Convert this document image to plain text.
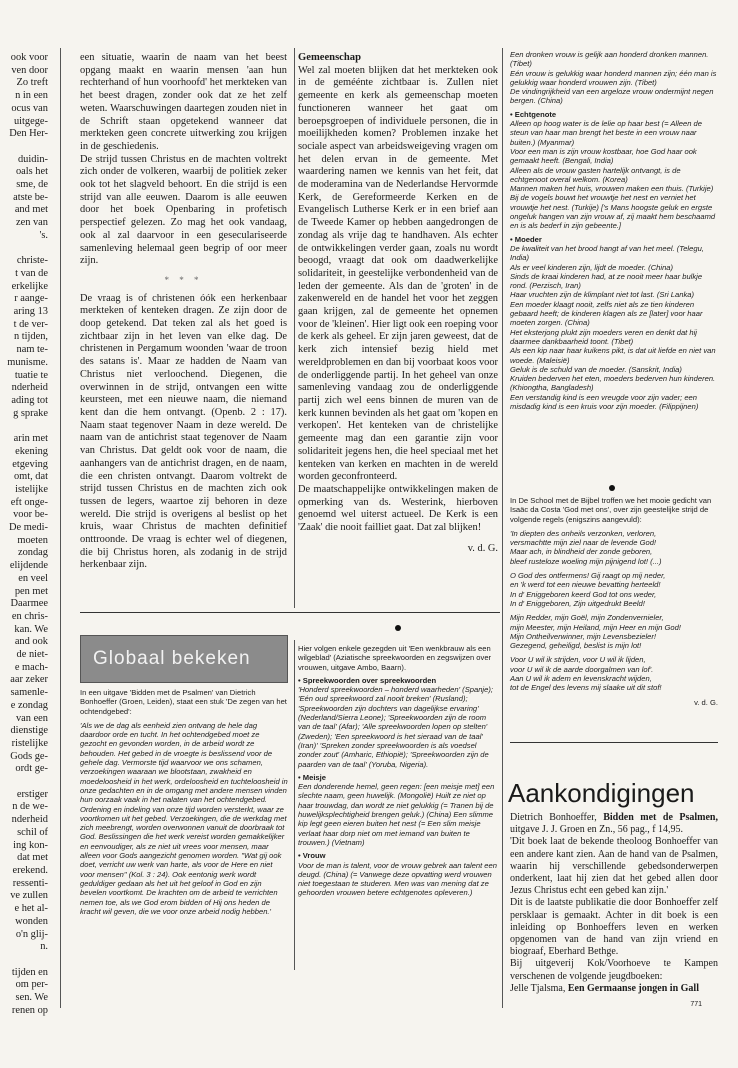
ook voor
ven door
Zo treft
n in een
ocus van
uitgege-
Den Her-

duidin-
oals het
sme, de
atste be-
and met
zen van
's.

christe-
t van de
erkelijke
r aange-
aring 13
t de ver-
n tijden,
nam te-
munisme.
tuatie te
nderheid
ading tot
g sprake

arin met
ekening
etgeving
omt, dat
istelijke
eft onge-
voor be-
De medi-
moeten
zondag
elijdende
en veel
pen met
Daarmee
en chris-
kan. We
and ook
de niet-
e mach-
aar zeker
samenle-
e zondag
van een
dienstige
ristelijke
Gods ge-
ordt ge-

erstiger
n de we-
nderheid
schil of
ing kon-
dat met
erekend.
ressenti-
ve zullen
e het al-
wonden
o'n glij-
n.

tijden en
om per-
sen. We
renen op

een situatie, waarin de naam van het beest opgang maakt en waarin mensen 'aan hun rechterhand of hun voorhoofd' het merkteken van het beest dragen, zonder ook dat ze het zelf weten. Waarschuwingen daartegen zouden niet in de Schrift staan opgetekend wanneer dat merkteken geen concrete uitwerking zou krijgen in de geschiedenis.

De strijd tussen Christus en de machten voltrekt zich onder de volkeren, waarbij de politiek zeker ook tot het slagveld behoort. En die strijd is een strijd van alle eeuwen. Daarom is alle eeuwen door het boek Openbaring in profetisch perspectief gelezen. Zo mag het ook vandaag, ook al zal daarvoor in een geseculariseerde samenleving helemaal geen begrip of oor meer zijn.

* * *

De vraag is of christenen óók een herkenbaar merkteken of kenteken dragen. Ze zijn door de doop getekend. Dat teken zal als het goed is zichtbaar zijn in het leven van elke dag. De christenen in Pergamum woonden 'waar de troon des satans is'. Maar ze hadden de Naam van Christus niet verloochend. Diegenen, die overwinnen in de strijd, ontvangen een witte keursteen, met een nieuwe naam, die niemand kent dan die hem ontvangt. (Openb. 2 : 17). Naam staat tegenover Naam in deze wereld. De naam van de antichrist staat tegenover de Naam van Christus. Dat geldt ook voor de naam, die aanhangers van de antichrist dragen, en de naam, die een christen ontvangt. Daarom voltrekt de strijd tussen Christus en de machten zich ook tussen de legers, waartoe zij behoren in deze wereld. Die strijd is overigens al beslist op het kruis, waar Christus de machten definitief onttroonde. De vraag is echter wel of diegenen, die bij Christus horen, als zodanig in de strijd herkenbaar zijn.

Gemeenschap

Wel zal moeten blijken dat het merkteken ook in de geméénte zichtbaar is. Zullen niet gemeente en kerk als gemeenschap moeten functioneren wanneer het gaat om beroepsgroepen of individuele personen, die in moeilijkheden komen? Problemen inzake het sociale aspect van arbeidsweigeving vragen om het delen ervan in de gemeente. Met waardering namen we kennis van het feit, dat de moderamina van de Nederlandse Hervormde Kerk, de Gereformeerde Kerken en de Evangelisch Lutherse Kerk er in een brief aan de Tweede Kamer op hebben aangedrongen de zondag als vrije dag te handhaven. Als echter de ontwikkelingen verder gaan, zoals nu wordt beoogd, vraagt dat ook om daadwerkelijke solidariteit, in geestelijke verbondenheid van de leden der gemeente. Als dan de 'groten' in de zakenwereld en de handel het voor het zeggen gaan krijgen, zal de gemeente het opnemen voor de 'kleinen'. Hier ligt ook een roeping voor de kerk als geheel. Er zijn jaren geweest, dat de kerk zich intensief bezig hield met wereldproblemen en dan bij voorbaat koos voor de onderliggende partij. In het geheel van onze samenleving vandaag zou de onderliggende partij zich wel eens binnen de muren van de kerk kunnen bevinden als het gaat om 'kopen en verkopen'. Het kenteken van de christelijke gemeente mag dan een garantie zijn voor solidariteit jegens hen, die heel speciaal met het kenteken van kerken en machten in de wereld worden geconfronteerd.

De maatschappelijke ontwikkelingen maken de opmerking van ds. Westerink, hierboven genoemd wel uiterst actueel. De Kerk is een 'Zaak' die nooit failliet gaat. Dat zal blijken!

v. d. G.

Een dronken vrouw is gelijk aan honderd dronken mannen. (Tibet)

Eén vrouw is gelukkig waar honderd mannen zijn; één man is gelukkig waar honderd vrouwen zijn. (Tibet)

De vindingrijkheid van een argeloze vrouw ondermijnt negen bergen. (China)

• Echtgenote

Alleen op hoog water is de lelie op haar best (= Alleen de steun van haar man brengt het beste in een vrouw naar buiten.) (Myanmar)

Voor een man is zijn vrouw kostbaar, hoe God haar ook gemaakt heeft. (Bengali, India)

Alleen als de vrouw gasten hartelijk ontvangt, is de echtgenoot overal welkom. (Korea)

Mannen maken het huis, vrouwen maken een thuis. (Turkije)

Bij de vogels bouwt het vrouwtje het nest en verniet het vrouwtje het nest. (Turkije) ['s Mans hoogste geluk en ergste ongeluk hangen van zijn vrouw af, zij maakt hem beschaamd en is als bederf in zijn gebeente.]

• Moeder

De kwaliteit van het brood hangt af van het meel. (Telegu, India)

Als er veel kinderen zijn, lijdt de moeder. (China)

Sinds de kraai kinderen had, at ze nooit meer haar bulkje rond. (Perzisch, Iran)

Haar vruchten zijn de klimplant niet tot last. (Sri Lanka)

Een moeder klaagt nooit, zelfs niet als ze tien kinderen gebaard heeft; de kinderen klagen als ze [later] voor haar moeten zorgen. (China)

Het eksterjong plukt zijn moeders veren en denkt dat hij daarmee dankbaarheid toont. (Tibet)

Als een kip naar haar kuikens pikt, is dat uit liefde en niet van woede. (Maleisië)

Geluk is de schuld van de moeder. (Sanskrit, India)

Kruiden bederven het eten, moeders bederven hun kinderen. (Khiongtha, Bangladesh)

Een verstandig kind is een vreugde voor zijn vader; een misdadig kind is een kruis voor zijn moeder. (Filippijnen)

In De School met de Bijbel troffen we het mooie gedicht van Isaäc da Costa 'God met ons', over zijn geestelijke strijd de volgende regels (enigszins aangevuld):

'In diepten des onheils verzonken, verloren,
versmachtte mijn ziel naar de levende God!
Maar ach, in blindheid der zonde geboren,
bleef rusteloze woeling mijn pijnigend lot! (...)
O God des ontfermens! Gij raagt op mij neder,
en 'k werd tot een nieuwe bevatting herteeld!
In d' Eniggeboren keerd God tot ons weder,
In d' Eniggeboren, Zijn uitgedrukt Beeld!
Mijn Redder, mijn Goël, mijn Zondenvernieler,
mijn Meester, mijn Heiland, mijn Heer en mijn God!
Mijn Ontheilverwinner, mijn Levensbezieler!
Gezegend, geheiligd, beslist is mijn lot!
Voor U wil ik strijden, voor U wil ik lijden,
voor U wil ik de aarde doorgalmen van lof'.
Aan U wil ik adem en levenskracht wijden,
tot de Engel des levens mij slaake uit dit stof!

v. d. G.

Globaal bekeken

In een uitgave 'Bidden met de Psalmen' van Dietrich Bonhoeffer (Groen, Leiden), staat een stuk 'De zegen van het ochtendgebed':

'Als we de dag als eenheid zien ontvang de hele dag daardoor orde en tucht. In het ochtendgebed moet ze gezocht en gevonden worden, in de arbeid wordt ze behouden. Het gebed in de vroegte is beslissend voor de gehele dag. Vermorste tijd waarvoor we ons schamen, verzoekingen waaraan we blootstaan, zwakheid en moedeloosheid in het werk, ordeloosheid en tuchteloosheid in onze gedachten en in de omgang met andere mensen vinden hun oorzaak vaak in het nalaten van het ochtendgebed.

Ordening en indeling van onze tijd worden versterkt, waar ze voortkomen uit het gebed. Verzoekingen, die de werkdag met zich meebrengt, worden overwonnen vanuit de doorbraak tot God. Beslissingen die het werk vereist worden gemakkelijker en eenvoudiger, als ze niet uit vrees voor mensen, maar alleen voor Gods aangezicht genomen worden. "Wat gij ook doet, verricht uw werk van harte, als voor de Here en niet voor mensen" (Kol. 3 : 24). Ook eentonig werk wordt geduldiger gedaan als het uit het geloof in God en zijn bevelen voortkomt. De krachten om de arbeid te verrichten nemen toe, als we God erom bidden of Hij ons heden de kracht wil geven, die we voor onze arbeid nodig hebben.'

Hier volgen enkele gezegden uit 'Een wenkbrauw als een wilgeblad' (Aziatische spreekwoorden en zegswijzen over vrouwen, uitgave Ambo, Baarn).

• Spreekwoorden over spreekwoorden

'Honderd spreekwoorden – honderd waarheden' (Spanje); 'Eén oud spreekwoord zal nooit breken' (Rusland); 'Spreekwoorden zijn dochters van dagelijkse ervaring' (Nederland/Sierra Leone); 'Spreekwoorden zijn de room van de taal' (Afar); 'Alle spreekwoorden lopen op stelten' (Zweden); 'Een spreekwoord is het sieraad van de taal' (Iran)' 'Spreken zonder spreekwoorden is als voedsel zonder zout' (Amharic, Ethiopië); 'Spreekwoorden zijn de paarden van de taal' (Yoruba, Nigeria).

• Meisje

Een donderende hemel, geen regen: [een meisje met] een slechte naam, geen huwelijk. (Mongolië) Huilt ze niet op haar trouwdag, dan wordt ze niet gelukkig (= Tranen bij de huwelijksplechtigheid brengen geluk.) (China) Een slimme kip legt geen eieren buiten het nest (= Een slim meisje verlaat haar dorp niet om met iemand van buiten te trouwen.) (Vietnam)

• Vrouw

Voor de man is talent, voor de vrouw gebrek aan talent een deugd. (China) (= Vanwege deze opvatting werd vrouwen niet toegestaan te studeren. Men was van mening dat ze gehoorden vrouwen betere echtgenotes opleveren.)

Aankondigingen

Dietrich Bonhoeffer, Bidden met de Psalmen, uitgave J. J. Groen en Zn., 56 pag., f 14,95.

'Dit boek laat de bekende theoloog Bonhoeffer van een andere kant zien. Aan de hand van de Psalmen, waarin hij verschillende gebedsonderwerpen onderkent, laat hij zien dat het gebed allen door Jezus Christus echt een gebed kan zijn.'

Dit is de laatste publikatie die door Bonhoeffer zelf persklaar is gemaakt. Achter in dit boek is een inleiding op Bonhoeffers leven en werken opgenomen van de hand van zijn vriend en biograaf, Eberhard Bethge.

Bij uitgeverij Kok/Voorhoeve te Kampen verschenen de volgende jeugdboeken:

Jelle Tjalsma, Een Germaanse jongen in Gall

771
